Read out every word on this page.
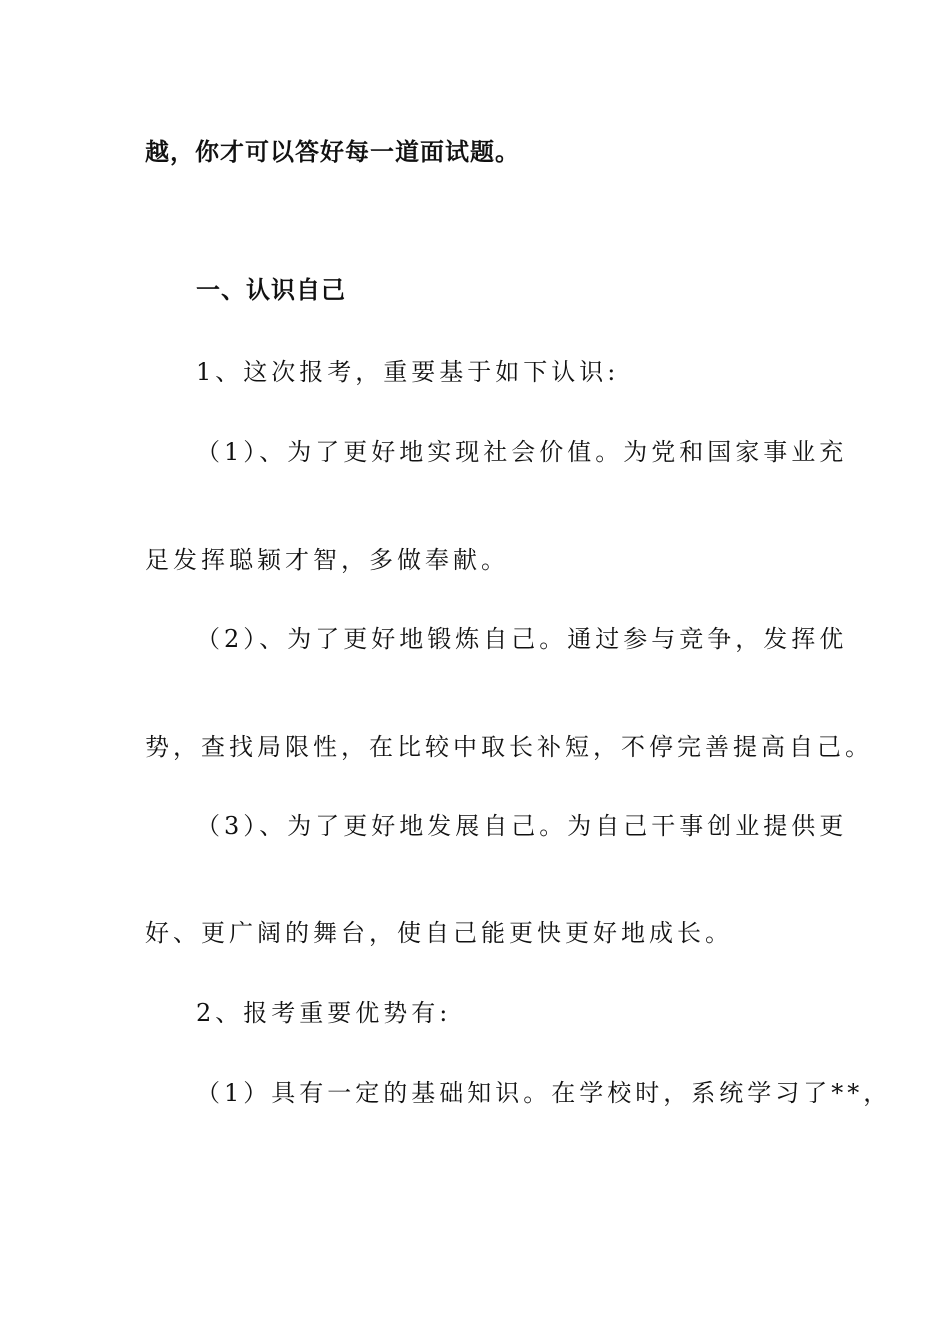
越，你才可以答好每一道面试题。
一、认识自己
1、这次报考，重要基于如下认识:
（1）、为了更好地实现社会价值。为党和国家事业充
足发挥聪颖才智，多做奉献。
（2）、为了更好地锻炼自己。通过参与竞争，发挥优
势，查找局限性，在比较中取长补短，不停完善提高自己。
（3）、为了更好地发展自己。为自己干事创业提供更
好、更广阔的舞台，使自己能更快更好地成长。
2、报考重要优势有:
（1）具有一定的基础知识。在学校时，系统学习了**，
